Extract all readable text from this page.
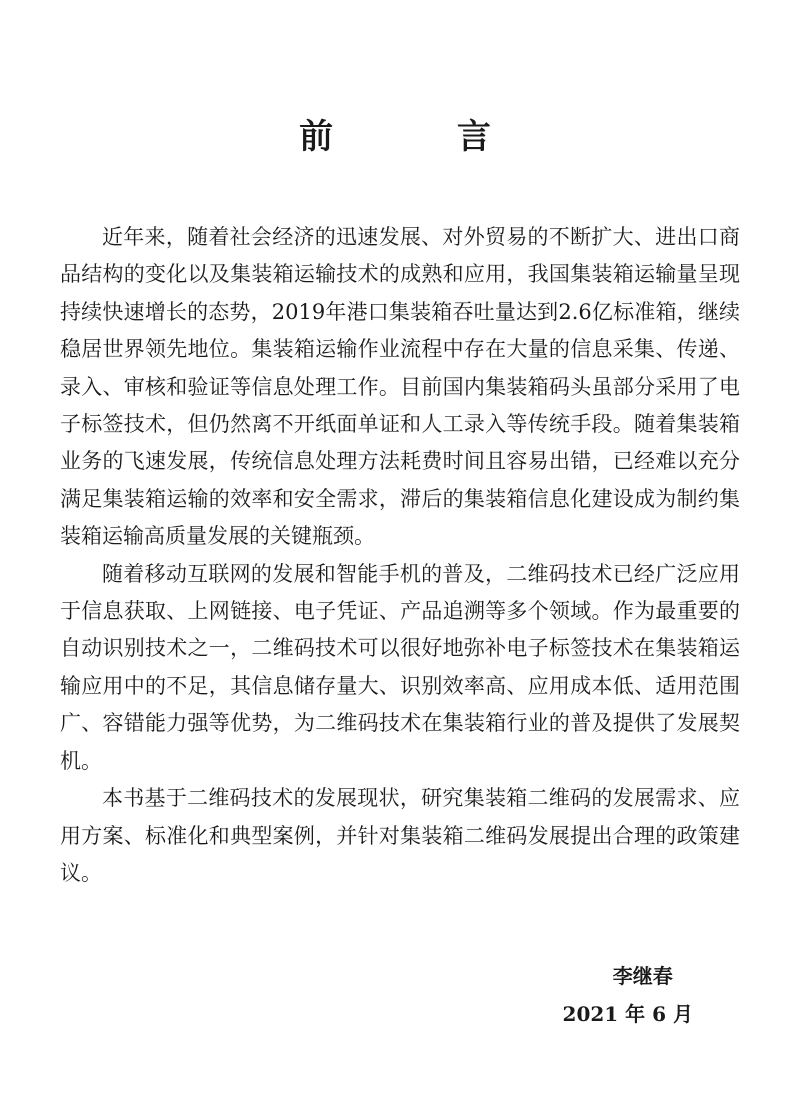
前 言

近年来，随着社会经济的迅速发展、对外贸易的不断扩大、进出口商品结构的变化以及集装箱运输技术的成熟和应用，我国集装箱运输量呈现持续快速增长的态势，2019年港口集装箱吞吐量达到2.6亿标准箱，继续稳居世界领先地位。集装箱运输作业流程中存在大量的信息采集、传递、录入、审核和验证等信息处理工作。目前国内集装箱码头虽部分采用了电子标签技术，但仍然离不开纸面单证和人工录入等传统手段。随着集装箱业务的飞速发展，传统信息处理方法耗费时间且容易出错，已经难以充分满足集装箱运输的效率和安全需求，滞后的集装箱信息化建设成为制约集装箱运输高质量发展的关键瓶颈。

随着移动互联网的发展和智能手机的普及，二维码技术已经广泛应用于信息获取、上网链接、电子凭证、产品追溯等多个领域。作为最重要的自动识别技术之一，二维码技术可以很好地弥补电子标签技术在集装箱运输应用中的不足，其信息储存量大、识别效率高、应用成本低、适用范围广、容错能力强等优势，为二维码技术在集装箱行业的普及提供了发展契机。

本书基于二维码技术的发展现状，研究集装箱二维码的发展需求、应用方案、标准化和典型案例，并针对集装箱二维码发展提出合理的政策建议。

李继春
2021 年 6 月
